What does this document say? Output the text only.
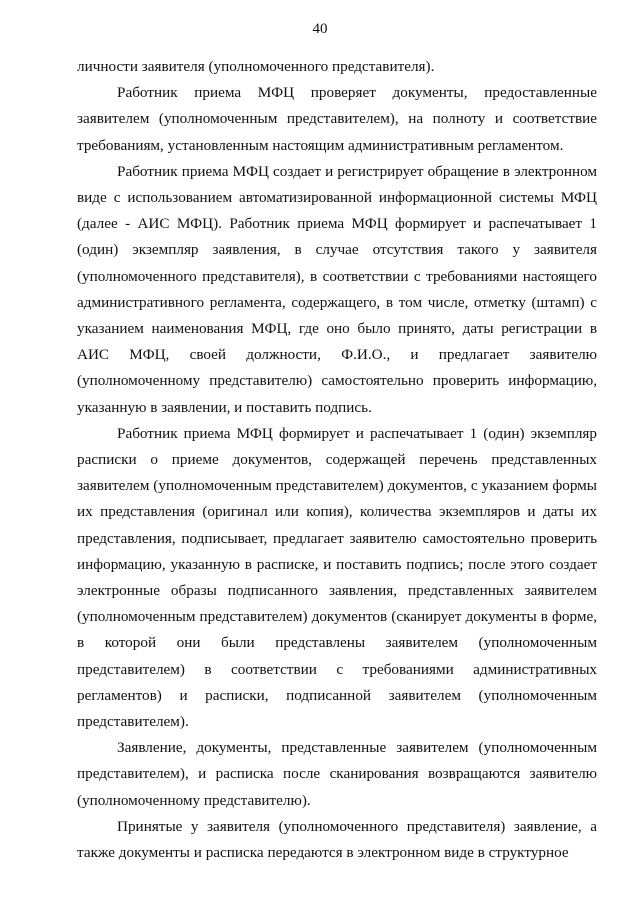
40

личности заявителя (уполномоченного представителя).

Работник приема МФЦ проверяет документы, предоставленные заявителем (уполномоченным представителем), на полноту и соответствие требованиям, установленным настоящим административным регламентом.

Работник приема МФЦ создает и регистрирует обращение в электронном виде с использованием автоматизированной информационной системы МФЦ (далее - АИС МФЦ). Работник приема МФЦ формирует и распечатывает 1 (один) экземпляр заявления, в случае отсутствия такого у заявителя (уполномоченного представителя), в соответствии с требованиями настоящего административного регламента, содержащего, в том числе, отметку (штамп) с указанием наименования МФЦ, где оно было принято, даты регистрации в АИС МФЦ, своей должности, Ф.И.О., и предлагает заявителю (уполномоченному представителю) самостоятельно проверить информацию, указанную в заявлении, и поставить подпись.

Работник приема МФЦ формирует и распечатывает 1 (один) экземпляр расписки о приеме документов, содержащей перечень представленных заявителем (уполномоченным представителем) документов, с указанием формы их представления (оригинал или копия), количества экземпляров и даты их представления, подписывает, предлагает заявителю самостоятельно проверить информацию, указанную в расписке, и поставить подпись; после этого создает электронные образы подписанного заявления, представленных заявителем (уполномоченным представителем) документов (сканирует документы в форме, в которой они были представлены заявителем (уполномоченным представителем) в соответствии с требованиями административных регламентов) и расписки, подписанной заявителем (уполномоченным представителем).

Заявление, документы, представленные заявителем (уполномоченным представителем), и расписка после сканирования возвращаются заявителю (уполномоченному представителю).

Принятые у заявителя (уполномоченного представителя) заявление, а также документы и расписка передаются в электронном виде в структурное
